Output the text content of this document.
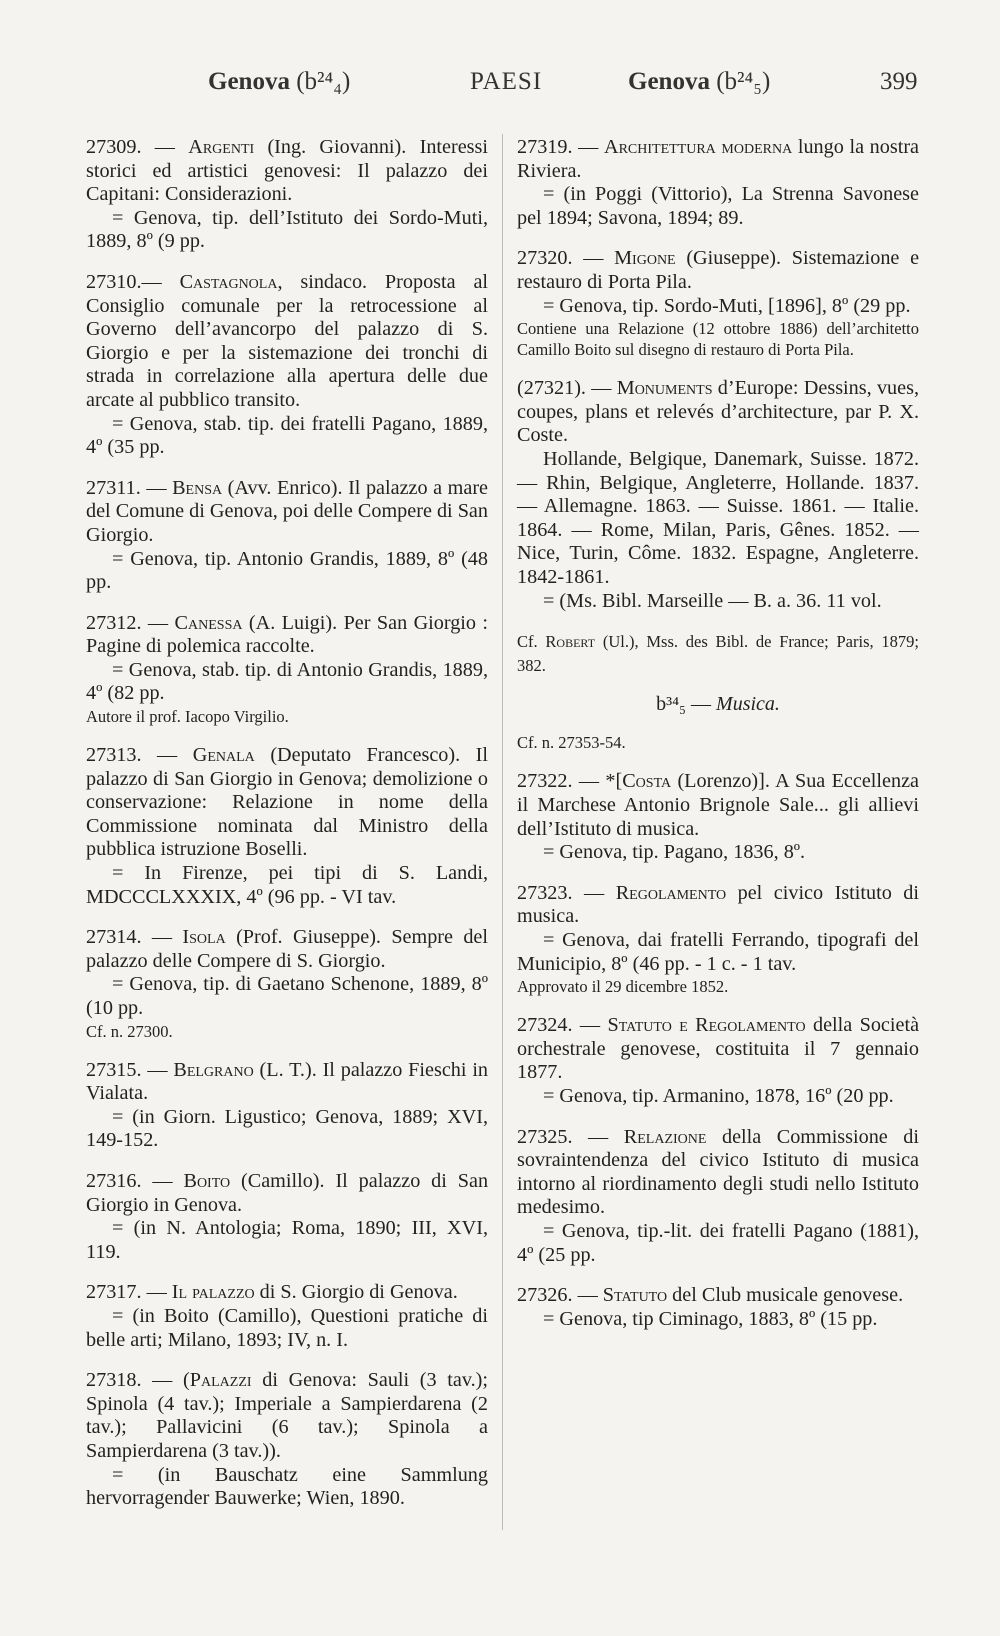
Genova (b²⁴₄)	PAESI	Genova (b²⁴₅)	399

27309. — Argenti (Ing. Giovanni). Interessi storici ed artistici genovesi: Il palazzo dei Capitani: Considerazioni.

= Genova, tip. dell’Istituto dei Sordo-Muti, 1889, 8º (9 pp.

27310.— Castagnola, sindaco. Proposta al Consiglio comunale per la retrocessione al Governo dell’avancorpo del palazzo di S. Giorgio e per la sistemazione dei tronchi di strada in correlazione alla apertura delle due arcate al pubblico transito.

= Genova, stab. tip. dei fratelli Pagano, 1889, 4º (35 pp.

27311. — Bensa (Avv. Enrico). Il palazzo a mare del Comune di Genova, poi delle Compere di San Giorgio.

= Genova, tip. Antonio Grandis, 1889, 8º (48 pp.

27312. — Canessa (A. Luigi). Per San Giorgio : Pagine di polemica raccolte.

= Genova, stab. tip. di Antonio Grandis, 1889, 4º (82 pp.

Autore il prof. Iacopo Virgilio.

27313. — Genala (Deputato Francesco). Il palazzo di San Giorgio in Genova; demolizione o conservazione: Relazione in nome della Commissione nominata dal Ministro della pubblica istruzione Boselli.

= In Firenze, pei tipi di S. Landi, MDCCCLXXXIX, 4º (96 pp. - VI tav.

27314. — Isola (Prof. Giuseppe). Sempre del palazzo delle Compere di S. Giorgio.

= Genova, tip. di Gaetano Schenone, 1889, 8º (10 pp.

Cf. n. 27300.

27315. — Belgrano (L. T.). Il palazzo Fieschi in Vialata.

= (in Giorn. Ligustico; Genova, 1889; XVI, 149-152.

27316. — Boito (Camillo). Il palazzo di San Giorgio in Genova.

= (in N. Antologia; Roma, 1890; III, XVI, 119.

27317. — Il palazzo di S. Giorgio di Genova.

= (in Boito (Camillo), Questioni pratiche di belle arti; Milano, 1893; IV, n. I.

27318. — (Palazzi di Genova: Sauli (3 tav.); Spinola (4 tav.); Imperiale a Sampierdarena (2 tav.); Pallavicini (6 tav.); Spinola a Sampierdarena (3 tav.)).

= (in Bauschatz eine Sammlung hervorragender Bauwerke; Wien, 1890.

27319. — Architettura moderna lungo la nostra Riviera.

= (in Poggi (Vittorio), La Strenna Savonese pel 1894; Savona, 1894; 89.

27320. — Migone (Giuseppe). Sistemazione e restauro di Porta Pila.

= Genova, tip. Sordo-Muti, [1896], 8º (29 pp.

Contiene una Relazione (12 ottobre 1886) dell’architetto Camillo Boito sul disegno di restauro di Porta Pila.

(27321). — Monuments d’Europe: Dessins, vues, coupes, plans et relevés d’architecture, par P. X. Coste.

Hollande, Belgique, Danemark, Suisse. 1872. — Rhin, Belgique, Angleterre, Hollande. 1837. — Allemagne. 1863. — Suisse. 1861. — Italie. 1864. — Rome, Milan, Paris, Gênes. 1852. — Nice, Turin, Côme. 1832. Espagne, Angleterre. 1842-1861.

= (Ms. Bibl. Marseille — B. a. 36. 11 vol.

Cf. Robert (Ul.), Mss. des Bibl. de France; Paris, 1879; 382.

b³⁴₅ — Musica.

Cf. n. 27353-54.

27322. — *[Costa (Lorenzo)]. A Sua Eccellenza il Marchese Antonio Brignole Sale... gli allievi dell’Istituto di musica.

= Genova, tip. Pagano, 1836, 8º.

27323. — Regolamento pel civico Istituto di musica.

= Genova, dai fratelli Ferrando, tipografi del Municipio, 8º (46 pp. - 1 c. - 1 tav.

Approvato il 29 dicembre 1852.

27324. — Statuto e Regolamento della Società orchestrale genovese, costituita il 7 gennaio 1877.

= Genova, tip. Armanino, 1878, 16º (20 pp.

27325. — Relazione della Commissione di sovraintendenza del civico Istituto di musica intorno al riordinamento degli studi nello Istituto medesimo.

= Genova, tip.-lit. dei fratelli Pagano (1881), 4º (25 pp.

27326. — Statuto del Club musicale genovese.

= Genova, tip Ciminago, 1883, 8º (15 pp.
